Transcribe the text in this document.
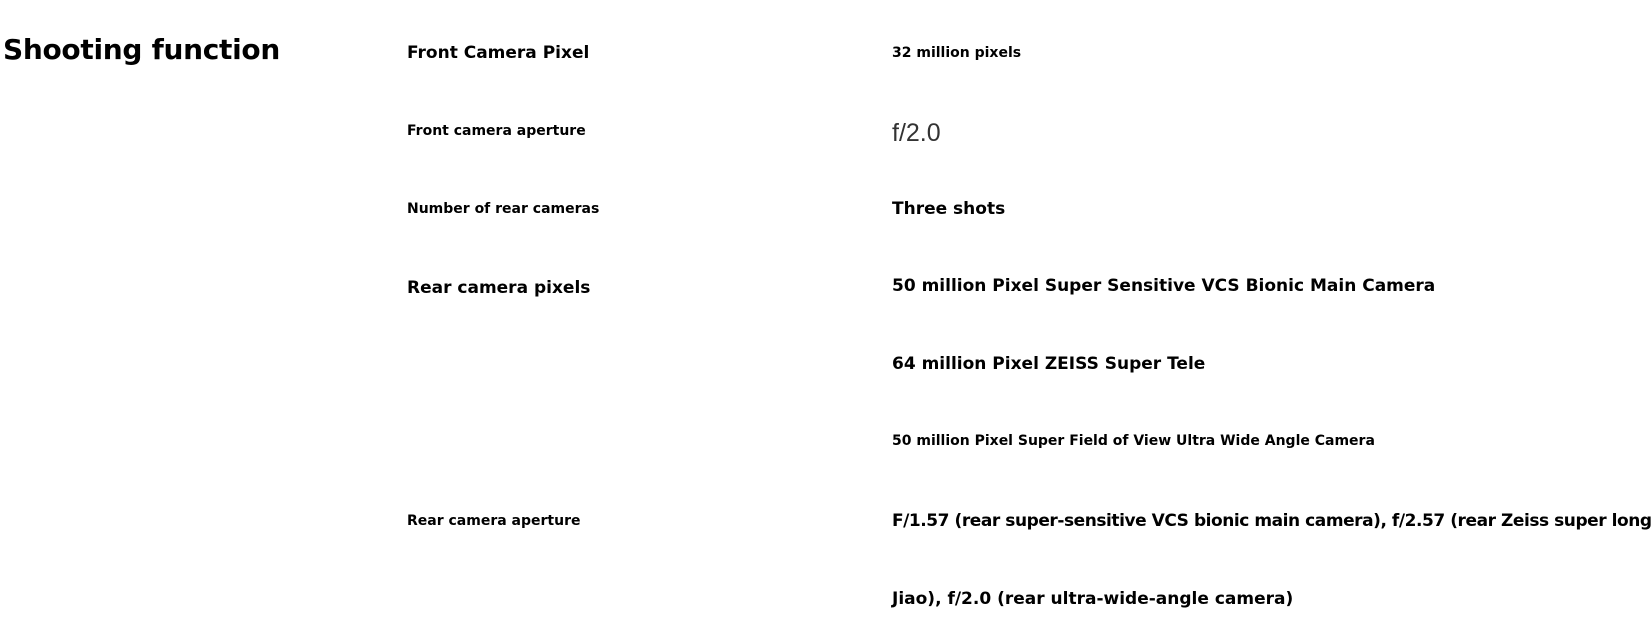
Shooting function	Front Camera Pixel	32 million pixels
Front camera aperture	f/2.0
Number of rear cameras	Three shots
Rear camera pixels	50 million Pixel Super Sensitive VCS Bionic Main Camera
64 million Pixel ZEISS Super Tele
50 million Pixel Super Field of View Ultra Wide Angle Camera
Rear camera aperture	F/1.57 (rear super-sensitive VCS bionic main camera), f/2.57 (rear Zeiss super long
Jiao), f/2.0 (rear ultra-wide-angle camera)
